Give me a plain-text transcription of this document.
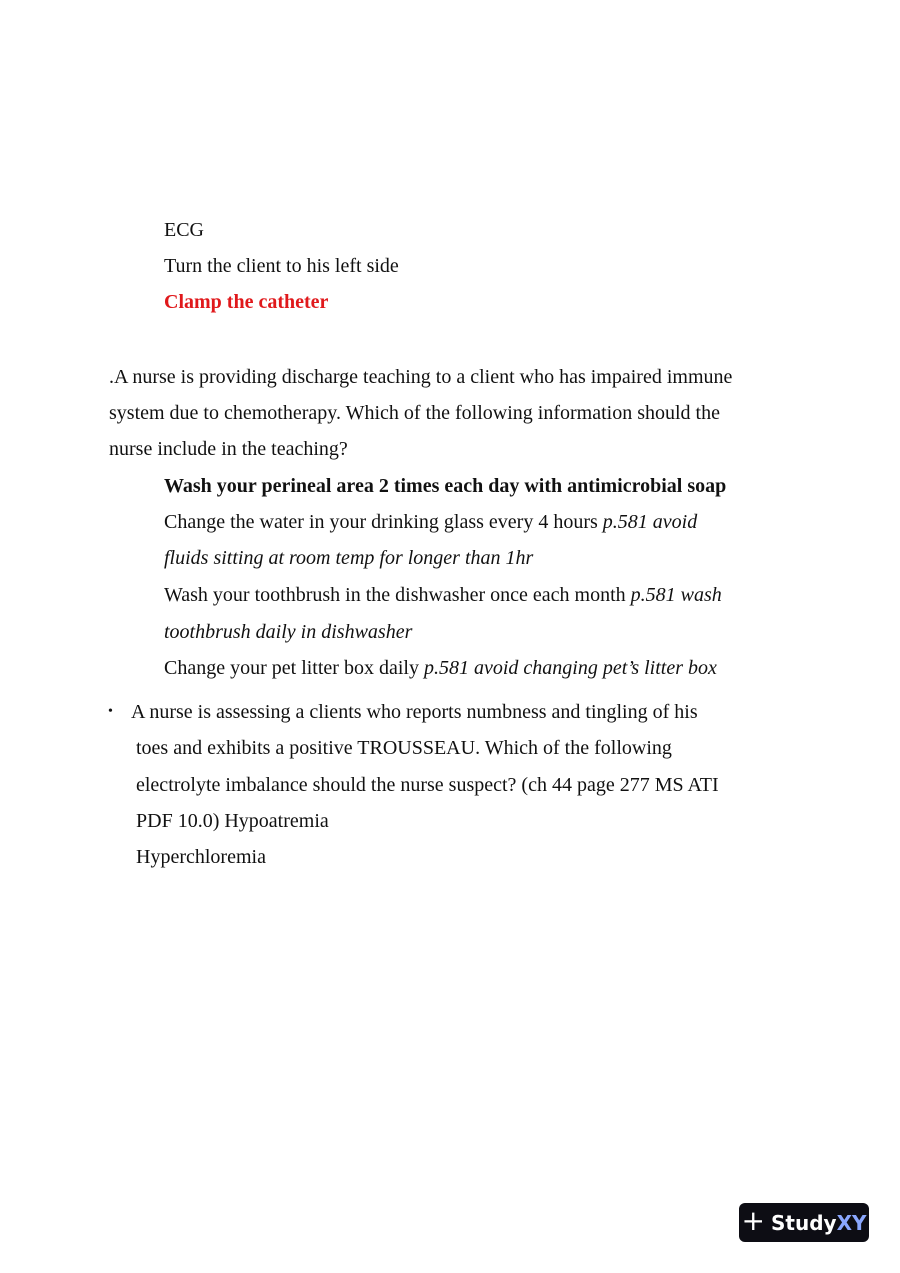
ECG
Turn the client to his left side
Clamp the catheter
.A nurse is providing discharge teaching to a client who has impaired immune
system due to chemotherapy. Which of the following information should the
nurse include in the teaching?
Wash your perineal area 2 times each day with antimicrobial soap
Change the water in your drinking glass every 4 hours p.581 avoid
fluids sitting at room temp for longer than 1hr
Wash your toothbrush in the dishwasher once each month p.581 wash
toothbrush daily in dishwasher
Change your pet litter box daily p.581 avoid changing pet’s litter box
• A nurse is assessing a clients who reports numbness and tingling of his
toes and exhibits a positive TROUSSEAU. Which of the following
electrolyte imbalance should the nurse suspect? (ch 44 page 277 MS ATI
PDF 10.0) Hypoatremia
Hyperchloremia
+ StudyXY
